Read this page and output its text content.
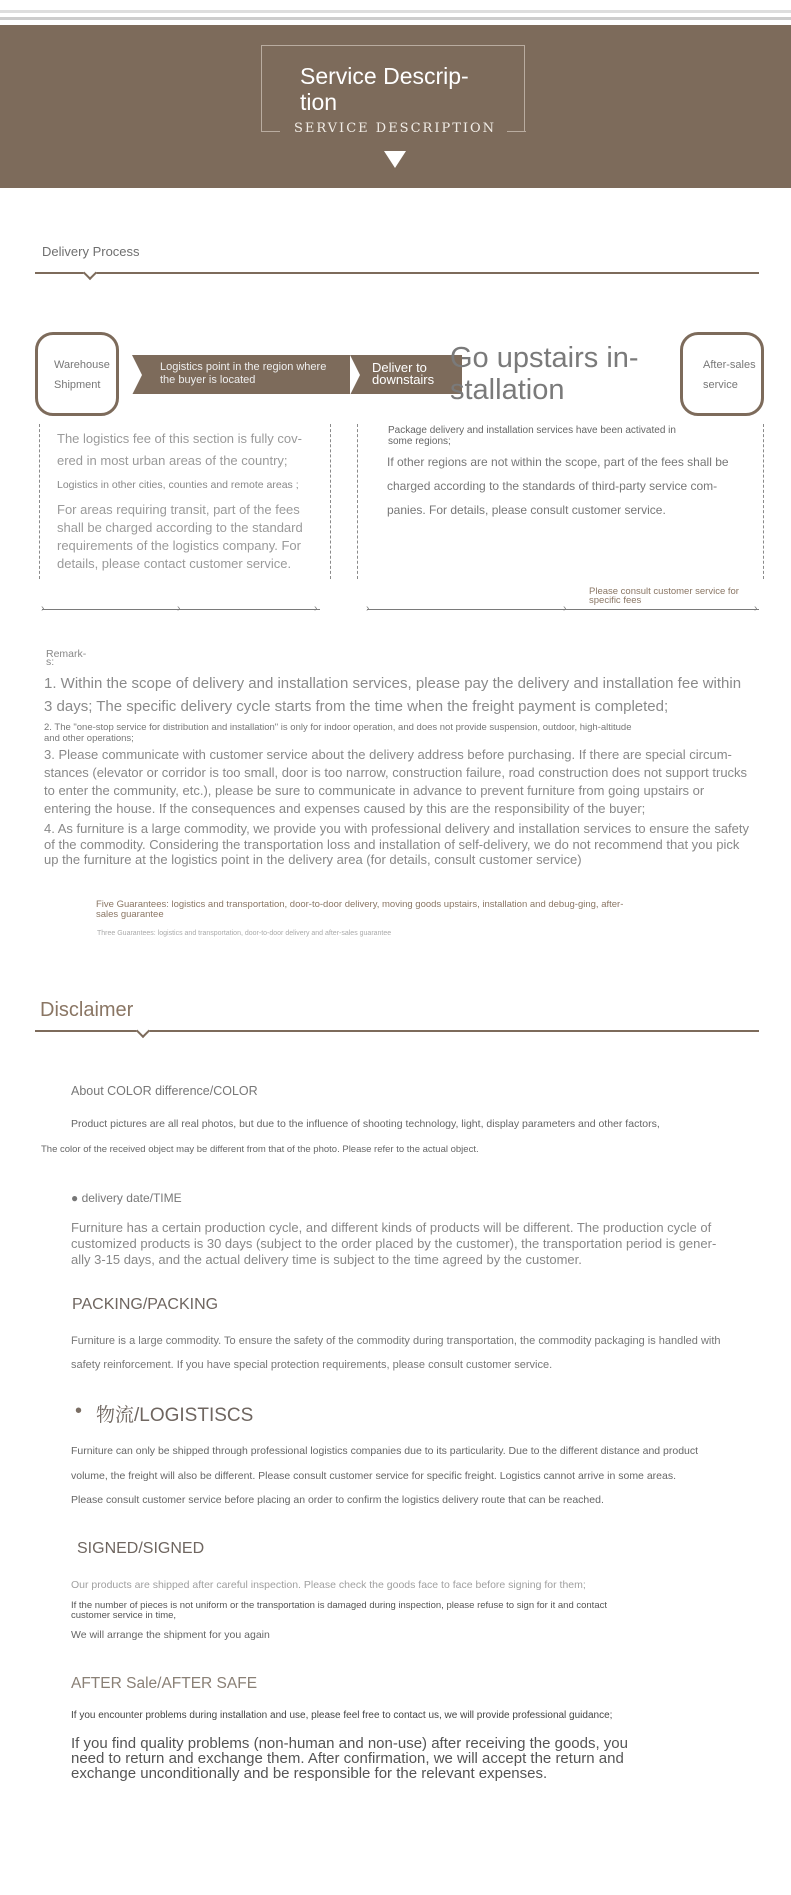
Service Descrip-tion
SERVICE DESCRIPTION
Delivery Process
Warehouse Shipment
Logistics point in the region where the buyer is located
Deliver to downstairs
Go upstairs in-stallation
After-sales service
The logistics fee of this section is fully cov-ered in most urban areas of the country;
Logistics in other cities, counties and remote areas ;
For areas requiring transit, part of the fees shall be charged according to the standard requirements of the logistics company. For details, please contact customer service.
Package delivery and installation services have been activated in some regions;
If other regions are not within the scope, part of the fees shall be charged according to the standards of third-party service com-panies. For details, please consult customer service.
Please consult customer service for specific fees
›	›	›	›	›	›
Remark-s:
1. Within the scope of delivery and installation services, please pay the delivery and installation fee within 3 days; The specific delivery cycle starts from the time when the freight payment is completed;
2. The "one-stop service for distribution and installation" is only for indoor operation, and does not provide suspension, outdoor, high-altitude and other operations;
3. Please communicate with customer service about the delivery address before purchasing. If there are special circum-stances (elevator or corridor is too small, door is too narrow, construction failure, road construction does not support trucks to enter the community, etc.), please be sure to communicate in advance to prevent furniture from going upstairs or entering the house. If the consequences and expenses caused by this are the responsibility of the buyer;
4. As furniture is a large commodity, we provide you with professional delivery and installation services to ensure the safety of the commodity. Considering the transportation loss and installation of self-delivery, we do not recommend that you pick up the furniture at the logistics point in the delivery area (for details, consult customer service)
Five Guarantees: logistics and transportation, door-to-door delivery, moving goods upstairs, installation and debug-ging, after-sales guarantee
Three Guarantees: logistics and transportation, door-to-door delivery and after-sales guarantee
Disclaimer
About COLOR difference/COLOR
Product pictures are all real photos, but due to the influence of shooting technology, light, display parameters and other factors,
The color of the received object may be different from that of the photo. Please refer to the actual object.
● delivery date/TIME
Furniture has a certain production cycle, and different kinds of products will be different. The production cycle of customized products is 30 days (subject to the order placed by the customer), the transportation period is gener-ally 3-15 days, and the actual delivery time is subject to the time agreed by the customer.
PACKING/PACKING
Furniture is a large commodity. To ensure the safety of the commodity during transportation, the commodity packaging is handled with safety reinforcement. If you have special protection requirements, please consult customer service.
• 物流/LOGISTISCS
Furniture can only be shipped through professional logistics companies due to its particularity. Due to the different distance and product volume, the freight will also be different. Please consult customer service for specific freight. Logistics cannot arrive in some areas. Please consult customer service before placing an order to confirm the logistics delivery route that can be reached.
SIGNED/SIGNED
Our products are shipped after careful inspection. Please check the goods face to face before signing for them;
If the number of pieces is not uniform or the transportation is damaged during inspection, please refuse to sign for it and contact customer service in time,
We will arrange the shipment for you again
AFTER Sale/AFTER SAFE
If you encounter problems during installation and use, please feel free to contact us, we will provide professional guidance;
If you find quality problems (non-human and non-use) after receiving the goods, you need to return and exchange them. After confirmation, we will accept the return and exchange unconditionally and be responsible for the relevant expenses.
